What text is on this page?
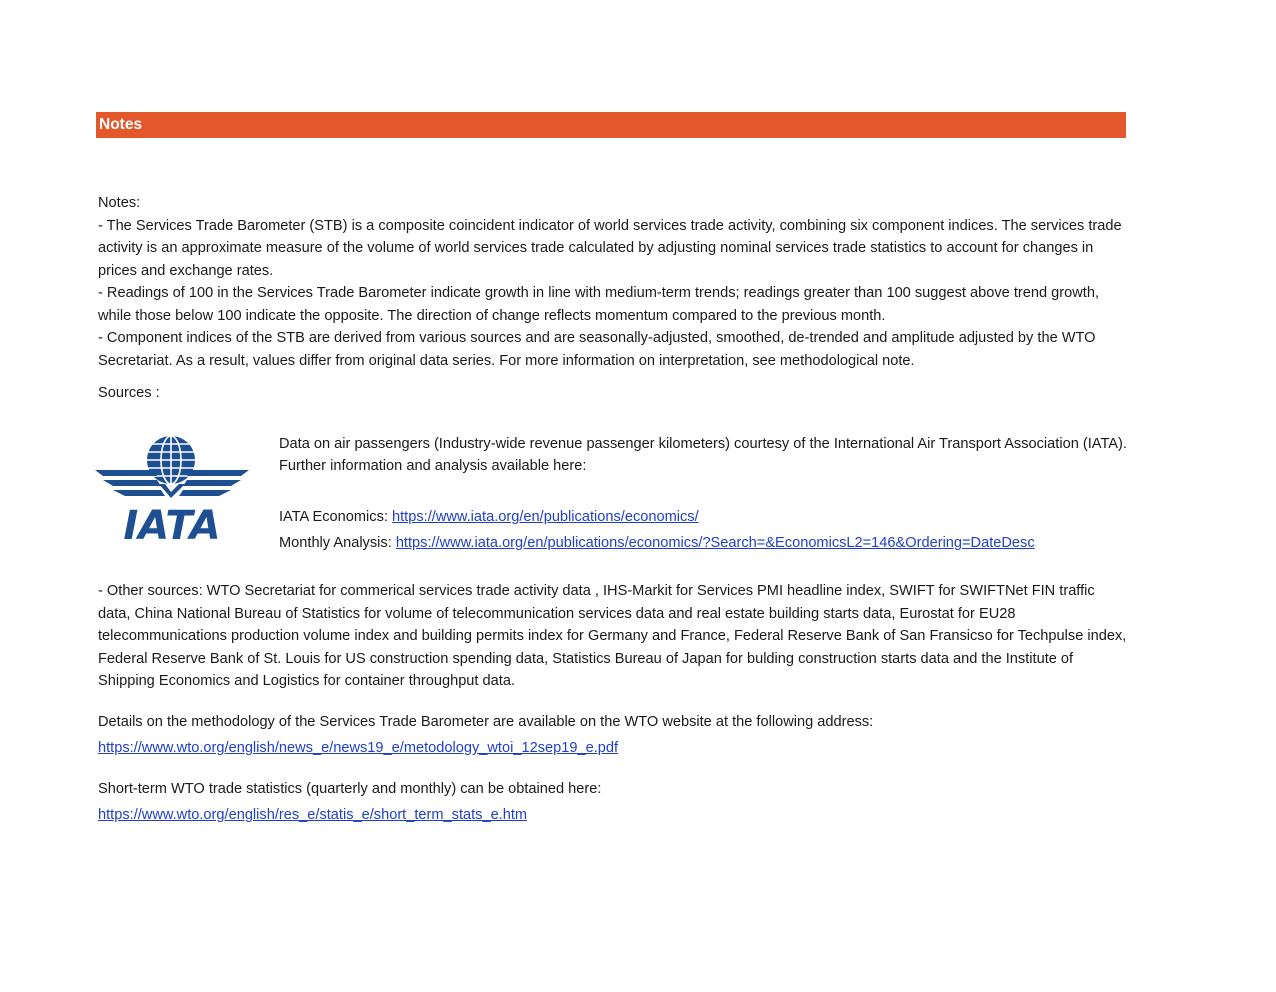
Notes

Notes:

- The Services Trade Barometer (STB) is a composite coincident indicator of world services trade activity, combining six component indices. The services trade activity is an approximate measure of the volume of world services trade calculated by adjusting nominal services trade statistics to account for changes in prices and exchange rates.

- Readings of 100 in the Services Trade Barometer indicate growth in line with medium-term trends; readings greater than 100 suggest above trend growth, while those below 100 indicate the opposite. The direction of change reflects momentum compared to the previous month.

- Component indices of the STB are derived from various sources and are seasonally-adjusted, smoothed, de-trended and amplitude adjusted by the WTO Secretariat. As a result, values differ from original data series. For more information on interpretation, see methodological note.

Sources :
IATA

Data on air passengers (Industry-wide revenue passenger kilometers) courtesy of the International Air Transport Association (IATA). Further information and analysis available here:

IATA Economics: https://www.iata.org/en/publications/economics/

Monthly Analysis: https://www.iata.org/en/publications/economics/?Search=&EconomicsL2=146&Ordering=DateDesc

- Other sources: WTO Secretariat for commerical services trade activity data , IHS-Markit for Services PMI headline index, SWIFT for SWIFTNet FIN traffic data, China National Bureau of Statistics for volume of telecommunication services data and real estate building starts data, Eurostat for EU28 telecommunications production volume index and building permits index for Germany and France, Federal Reserve Bank of San Fransicso for Techpulse index, Federal Reserve Bank of St. Louis for US construction spending data, Statistics Bureau of Japan for bulding construction starts data and the Institute of Shipping Economics and Logistics for container throughput data.

Details on the methodology of the Services Trade Barometer are available on the WTO website at the following address:

https://www.wto.org/english/news_e/news19_e/metodology_wtoi_12sep19_e.pdf

Short-term WTO trade statistics (quarterly and monthly) can be obtained here:

https://www.wto.org/english/res_e/statis_e/short_term_stats_e.htm
